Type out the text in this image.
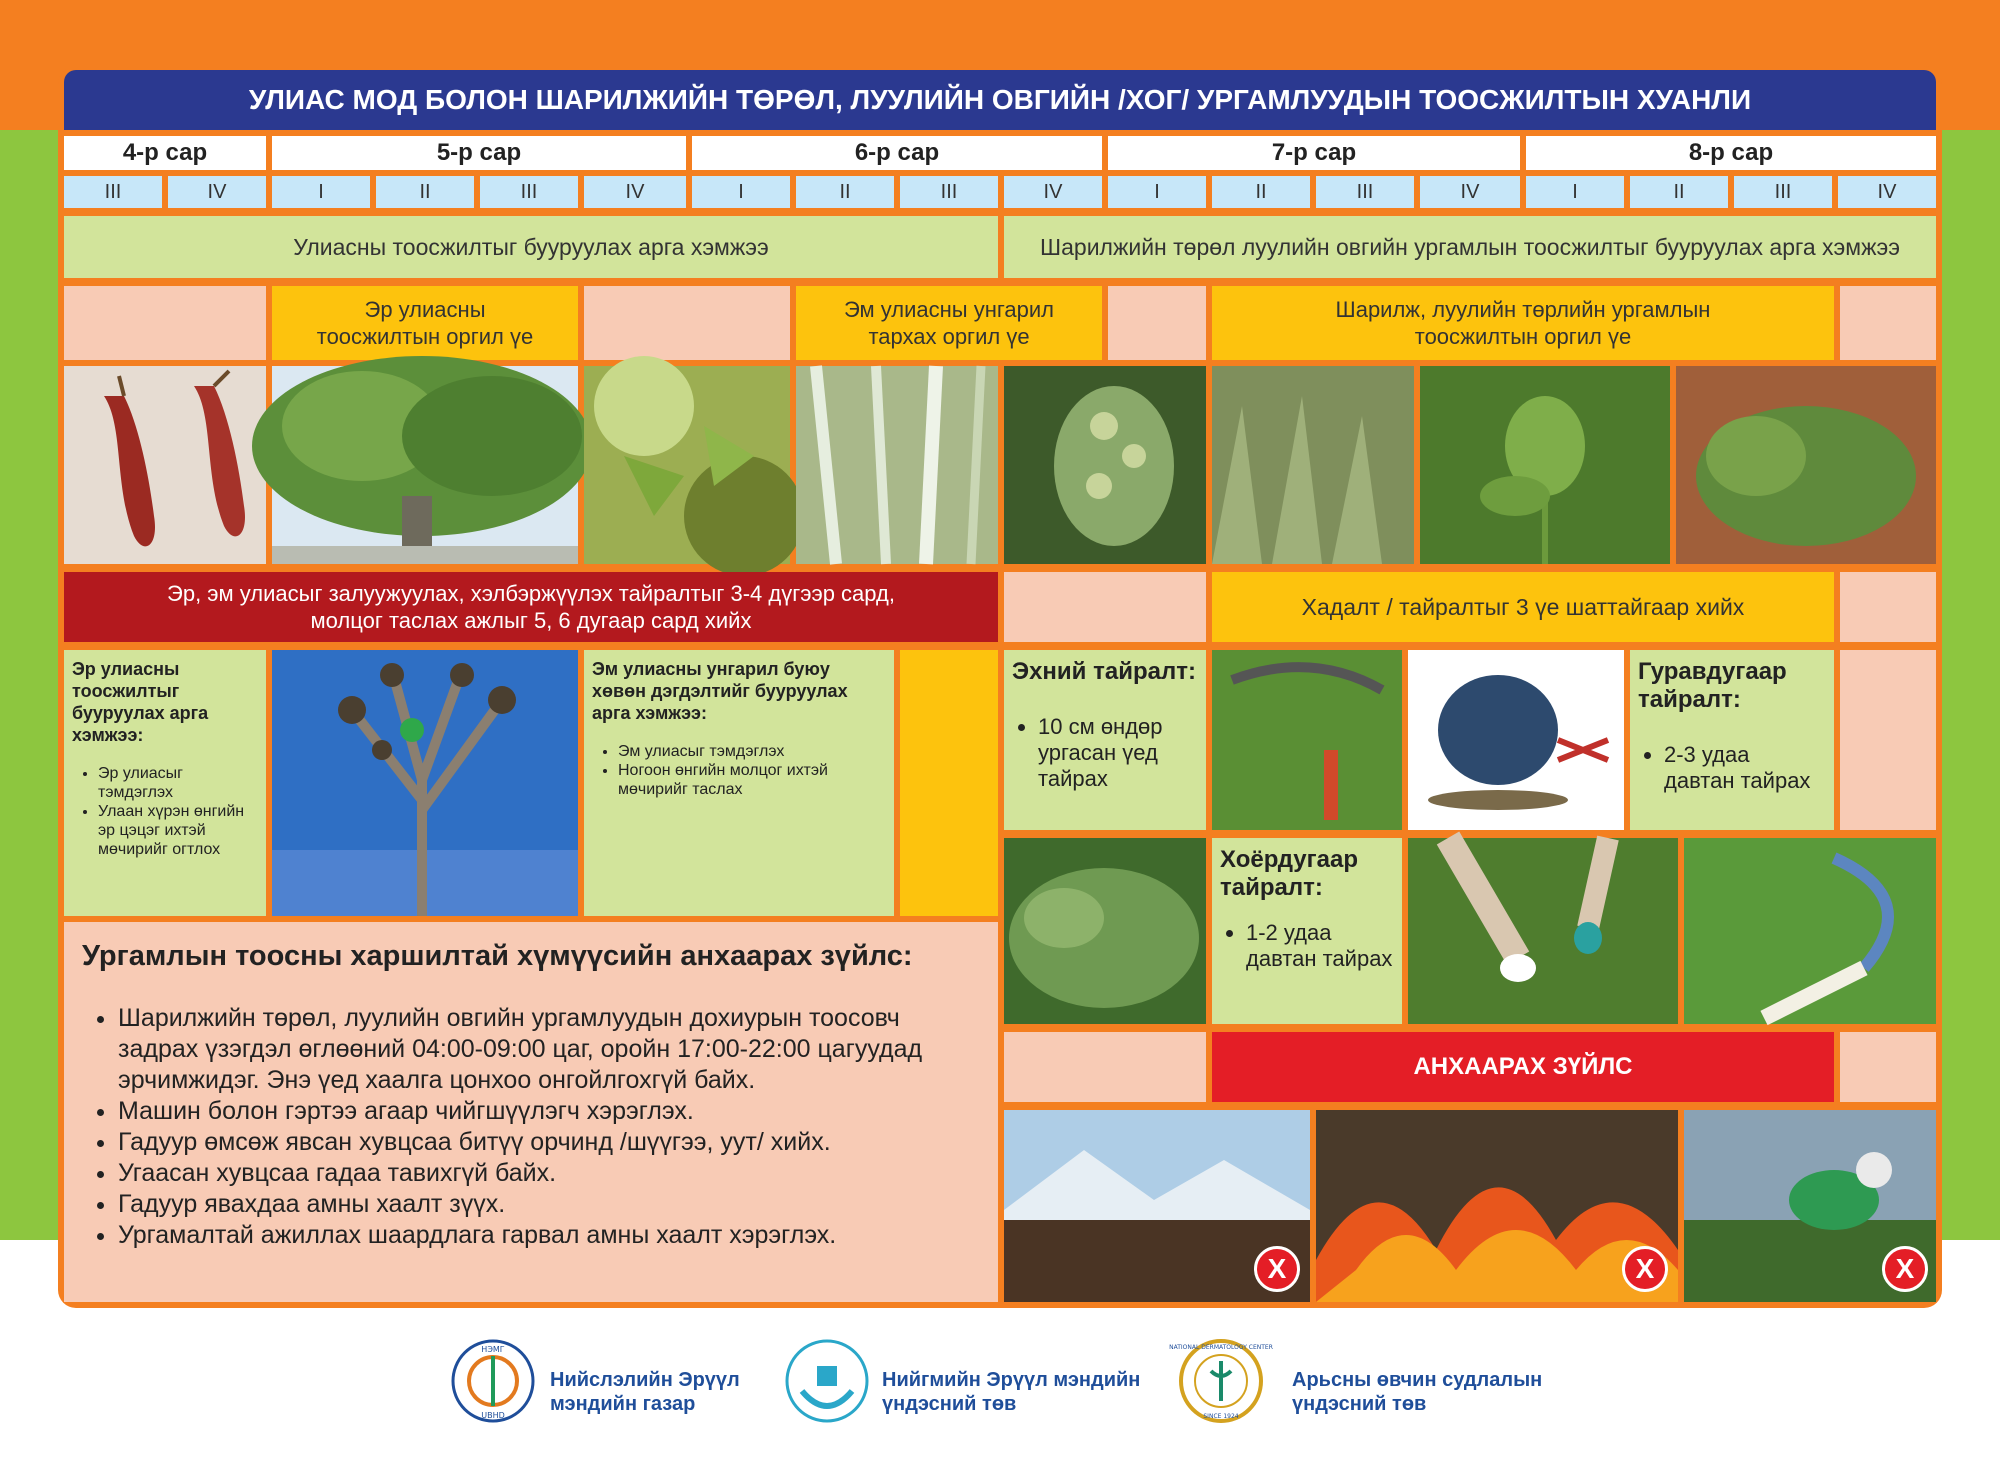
УЛИАС МОД БОЛОН ШАРИЛЖИЙН ТӨРӨЛ, ЛУУЛИЙН ОВГИЙН /ХОГ/ УРГАМЛУУДЫН ТООСЖИЛТЫН ХУАНЛИ
4-р сар	5-р сар	6-р сар	7-р сар	8-р сар
III	IV	I	II	III	IV	I	II	III	IV	I	II	III	IV	I	II	III	IV
Улиасны тоосжилтыг бууруулах арга хэмжээ	Шарилжийн төрөл луулийн овгийн ургамлын тоосжилтыг бууруулах арга хэмжээ
Эр улиасны тоосжилтын оргил үе
Эм улиасны унгарил тархах оргил үе
Шарилж, луулийн төрлийн ургамлын тоосжилтын оргил үе
Эр, эм улиасыг залуужуулах, хэлбэржүүлэх тайралтыг 3-4 дүгээр сард, молцог таслах ажлыг 5, 6 дугаар сард хийх
Хадалт / тайралтыг 3 үе шаттайгаар хийх
Эр улиасны тоосжилтыг бууруулах арга хэмжээ:
• Эр улиасыг тэмдэглэх
• Улаан хүрэн өнгийн эр цэцэг ихтэй мөчирийг огтлох
Эм улиасны унгарил буюу хөвөн дэгдэлтийг бууруулах арга хэмжээ:
• Эм улиасыг тэмдэглэх
• Ногоон өнгийн молцог ихтэй мөчирийг таслах
Ургамлын тоосны харшилтай хүмүүсийн анхаарах зүйлс:
• Шарилжийн төрөл, луулийн овгийн ургамлуудын дохиурын тоосовч задрах үзэгдэл өглөөний 04:00-09:00 цаг, оройн 17:00-22:00 цагуудад эрчимжидэг. Энэ үед хаалга цонхоо онгойлгохгүй байх.
• Машин болон гэртээ агаар чийгшүүлэгч хэрэглэх.
• Гадуур өмсөж явсан хувцсаа битүү орчинд /шүүгээ, уут/ хийх.
• Угаасан хувцсаа гадаа тавихгүй байх.
• Гадуур явахдаа амны хаалт зүүх.
• Ургамалтай ажиллах шаардлага гарвал амны хаалт хэрэглэх.
Эхний тайралт:
• 10 см өндөр ургасан үед тайрах
Гуравдугаар тайралт:
• 2-3 удаа давтан тайрах
Хоёрдугаар тайралт:
• 1-2 удаа давтан тайрах
АНХААРАХ ЗҮЙЛС
X	X	X
НЭМГ
UBHD
Нийслэлийн Эрүүл
мэндийн газар
Нийгмийн Эрүүл мэндийн
үндэсний төв
NATIONAL DERMATOLOGY CENTER
SINCE 1924
Арьсны өвчин судлалын
үндэсний төв
